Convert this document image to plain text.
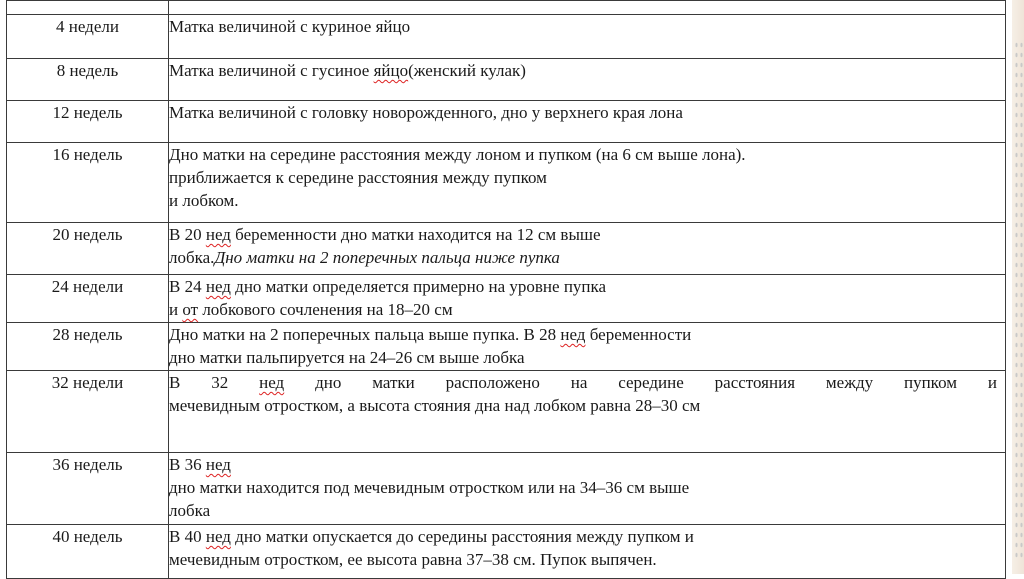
4 недели	Матка величиной с куриное яйцо

8 недель	Матка величиной с гусиное яйцо(женский кулак)

12 недель	Матка величиной с головку новорожденного, дно у верхнего края лона

16 недель	Дно матки на середине расстояния между лоном и пупком (на 6 см выше лона).
приближается к середине расстояния между пупком
и лобком.

20 недель	В 20 нед беременности дно матки находится на 12 см выше
лобка.Дно матки на 2 поперечных пальца ниже пупка

24 недели	В 24 нед дно матки определяется примерно на уровне пупка
и от лобкового сочленения на 18–20 см

28 недель	Дно матки на 2 поперечных пальца выше пупка. В 28 нед беременности
дно матки пальпируется на 24–26 см выше лобка

32 недели	В 32 нед дно матки расположено на середине расстояния между пупком и
мечевидным отростком, а высота стояния дна над лобком равна 28–30 см

36 недель	В 36 нед
дно матки находится под мечевидным отростком или на 34–36 см выше
лобка

40 недель	В 40 нед дно матки опускается до середины расстояния между пупком и
мечевидным отростком, ее высота равна 37–38 см. Пупок выпячен.
